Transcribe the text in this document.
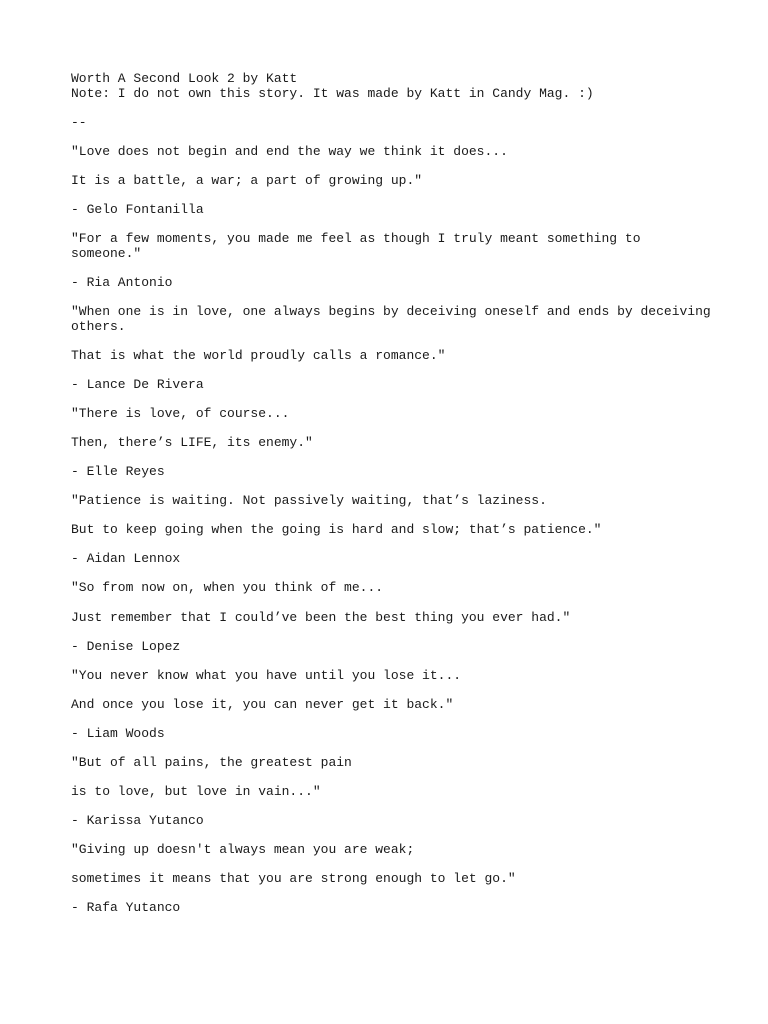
Worth A Second Look 2 by Katt
Note: I do not own this story. It was made by Katt in Candy Mag. :)

--

"Love does not begin and end the way we think it does...

It is a battle, a war; a part of growing up."

- Gelo Fontanilla

"For a few moments, you made me feel as though I truly meant something to someone."

- Ria Antonio

"When one is in love, one always begins by deceiving oneself and ends by deceiving others.

That is what the world proudly calls a romance."

- Lance De Rivera

"There is love, of course...

Then, there’s LIFE, its enemy."

- Elle Reyes

"Patience is waiting. Not passively waiting, that’s laziness.

But to keep going when the going is hard and slow; that’s patience."

- Aidan Lennox

"So from now on, when you think of me...

Just remember that I could’ve been the best thing you ever had."

- Denise Lopez

"You never know what you have until you lose it...

And once you lose it, you can never get it back."

- Liam Woods

"But of all pains, the greatest pain

is to love, but love in vain..."

- Karissa Yutanco

"Giving up doesn't always mean you are weak;

sometimes it means that you are strong enough to let go."

- Rafa Yutanco
